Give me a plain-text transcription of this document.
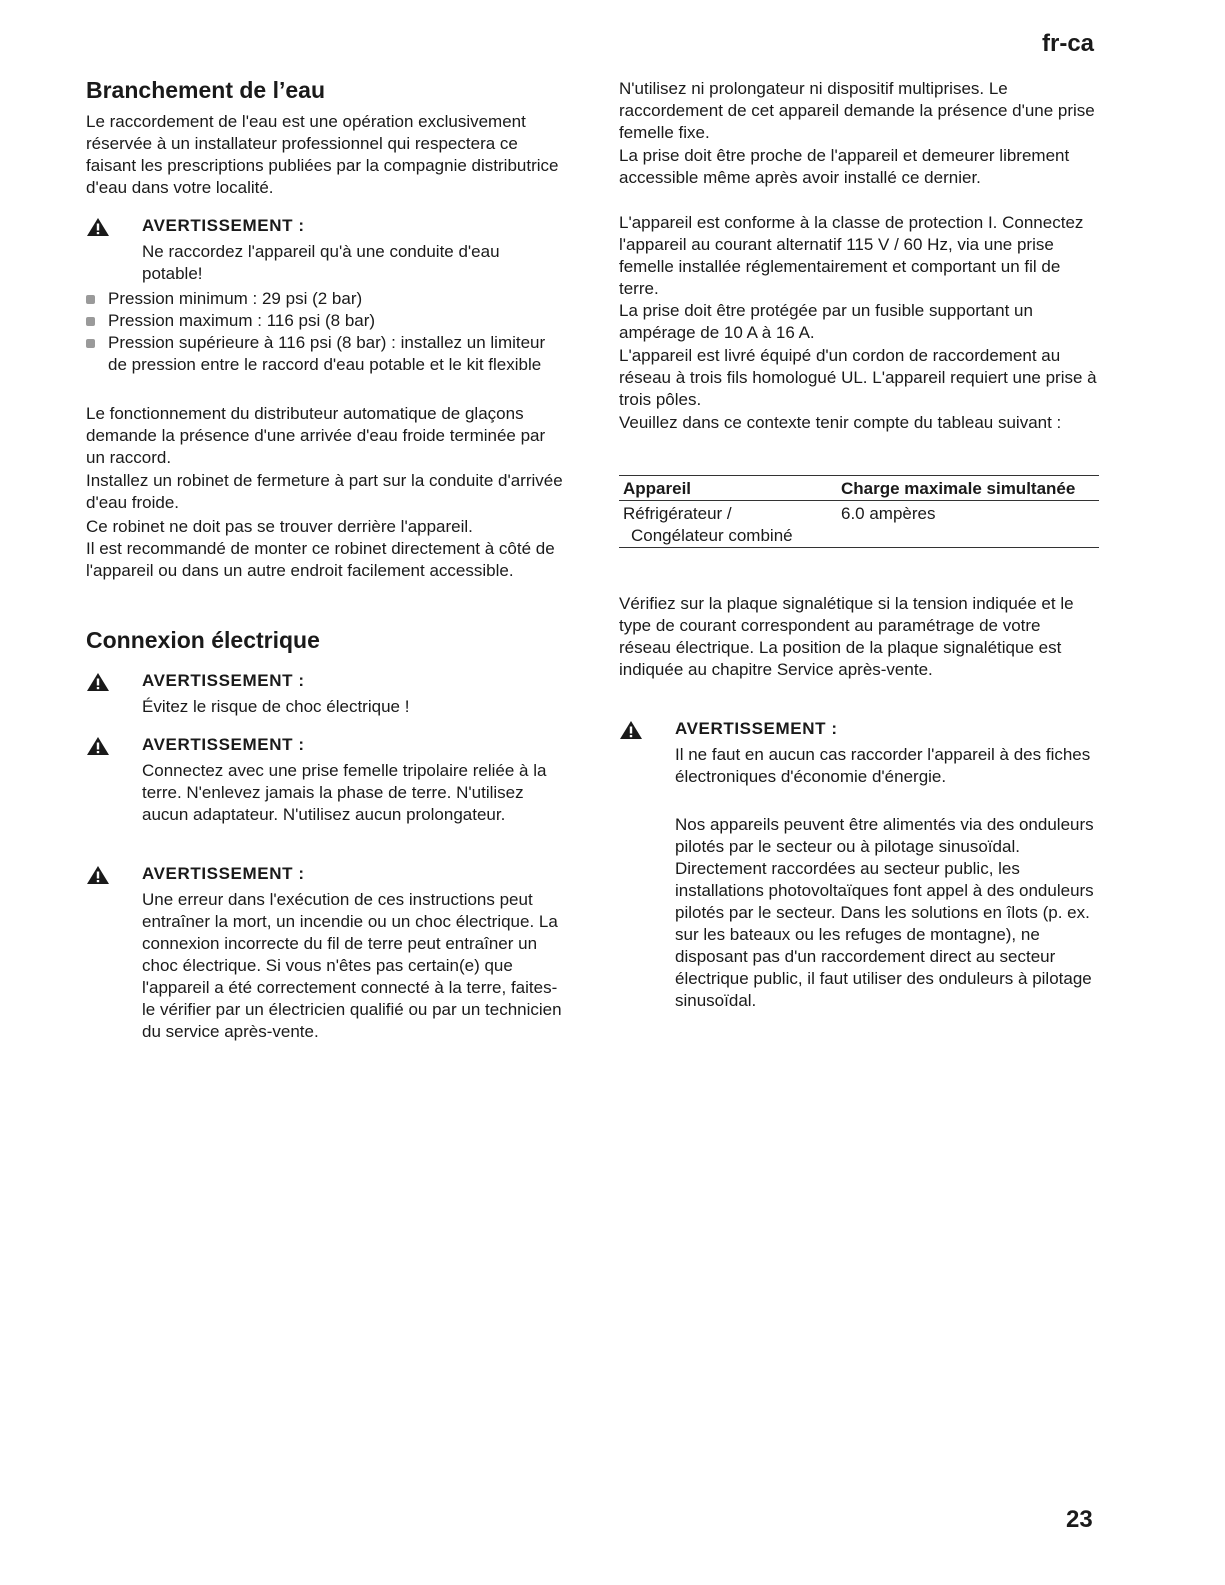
fr-ca
Branchement de l’eau

Le raccordement de l'eau est une opération exclusivement réservée à un installateur professionnel qui respectera ce faisant les prescriptions publiées par la compagnie distributrice d'eau dans votre localité.

AVERTISSEMENT :

Ne raccordez l'appareil qu'à une conduite d'eau potable!

Pression minimum : 29 psi (2 bar)
Pression maximum : 116 psi (8 bar)
Pression supérieure à 116 psi (8 bar) : installez un limiteur de pression entre le raccord d'eau potable et le kit flexible

Le fonctionnement du distributeur automatique de glaçons demande la présence d'une arrivée d'eau froide terminée par un raccord.

Installez un robinet de fermeture à part sur la conduite d'arrivée d'eau froide.

Ce robinet ne doit pas se trouver derrière l'appareil.

Il est recommandé de monter ce robinet directement à côté de l'appareil ou dans un autre endroit facilement accessible.

Connexion électrique
AVERTISSEMENT :

Évitez le risque de choc électrique !

AVERTISSEMENT :

Connectez avec une prise femelle tripolaire reliée à la terre. N'enlevez jamais la phase de terre. N'utilisez aucun adaptateur. N'utilisez aucun prolongateur.

AVERTISSEMENT :

Une erreur dans l'exécution de ces instructions peut entraîner la mort, un incendie ou un choc électrique. La connexion incorrecte du fil de terre peut entraîner un choc électrique. Si vous n'êtes pas certain(e) que l'appareil a été correctement connecté à la terre, faites-le vérifier par un électricien qualifié ou par un technicien du service après-vente.

N'utilisez ni prolongateur ni dispositif multiprises. Le raccordement de cet appareil demande la présence d'une prise femelle fixe.

La prise doit être proche de l'appareil et demeurer librement accessible même après avoir installé ce dernier.

L'appareil est conforme à la classe de protection I. Connectez l'appareil au courant alternatif 115 V / 60 Hz, via une prise femelle installée réglementairement et comportant un fil de terre.

La prise doit être protégée par un fusible supportant un ampérage de 10 A à 16 A.

L'appareil est livré équipé d'un cordon de raccordement au réseau à trois fils homologué UL. L'appareil requiert une prise à trois pôles.

Veuillez dans ce contexte tenir compte du tableau suivant :

Appareil	Charge maximale simultanée

Réfrigérateur /
Congélateur combiné	6.0 ampères

Vérifiez sur la plaque signalétique si la tension indiquée et le type de courant correspondent au paramétrage de votre réseau électrique. La position de la plaque signalétique est indiquée au chapitre Service après-vente.

AVERTISSEMENT :

Il ne faut en aucun cas raccorder l'appareil à des fiches électroniques d'économie d'énergie.

Nos appareils peuvent être alimentés via des onduleurs pilotés par le secteur ou à pilotage sinusoïdal. Directement raccordées au secteur public, les installations photovoltaïques font appel à des onduleurs pilotés par le secteur. Dans les solutions en îlots (p. ex. sur les bateaux ou les refuges de montagne), ne disposant pas d'un raccordement direct au secteur électrique public, il faut utiliser des onduleurs à pilotage sinusoïdal.

23
